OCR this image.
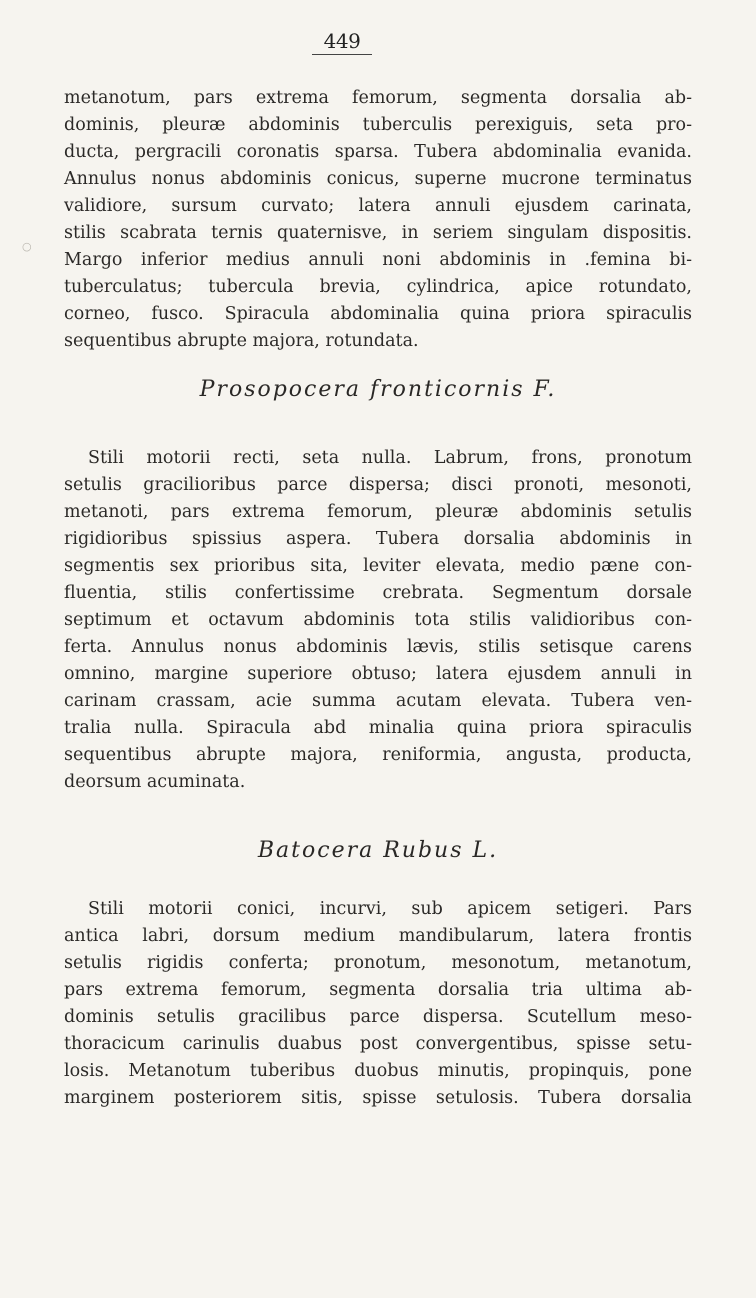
449
○
metanotum, pars extrema femorum, segmenta dorsalia ab-
dominis, pleuræ abdominis tuberculis perexiguis, seta pro-
ducta, pergracili coronatis sparsa. Tubera abdominalia evanida.
Annulus nonus abdominis conicus, superne mucrone terminatus
validiore, sursum curvato; latera annuli ejusdem carinata,
stilis scabrata ternis quaternisve, in seriem singulam dispositis.
Margo inferior medius annuli noni abdominis in .femina bi-
tuberculatus; tubercula brevia, cylindrica, apice rotundato,
corneo, fusco. Spiracula abdominalia quina priora spiraculis
sequentibus abrupte majora, rotundata.
Prosopocera fronticornis F.
Stili motorii recti, seta nulla. Labrum, frons, pronotum
setulis gracilioribus parce dispersa; disci pronoti, mesonoti,
metanoti, pars extrema femorum, pleuræ abdominis setulis
rigidioribus spissius aspera. Tubera dorsalia abdominis in
segmentis sex prioribus sita, leviter elevata, medio pæne con-
fluentia, stilis confertissime crebrata. Segmentum dorsale
septimum et octavum abdominis tota stilis validioribus con-
ferta. Annulus nonus abdominis lævis, stilis setisque carens
omnino, margine superiore obtuso; latera ejusdem annuli in
carinam crassam, acie summa acutam elevata. Tubera ven-
tralia nulla. Spiracula abd minalia quina priora spiraculis
sequentibus abrupte majora, reniformia, angusta, producta,
deorsum acuminata.
Batocera Rubus L.
Stili motorii conici, incurvi, sub apicem setigeri. Pars
antica labri, dorsum medium mandibularum, latera frontis
setulis rigidis conferta; pronotum, mesonotum, metanotum,
pars extrema femorum, segmenta dorsalia tria ultima ab-
dominis setulis gracilibus parce dispersa. Scutellum meso-
thoracicum carinulis duabus post convergentibus, spisse setu-
losis. Metanotum tuberibus duobus minutis, propinquis, pone
marginem posteriorem sitis, spisse setulosis. Tubera dorsalia
